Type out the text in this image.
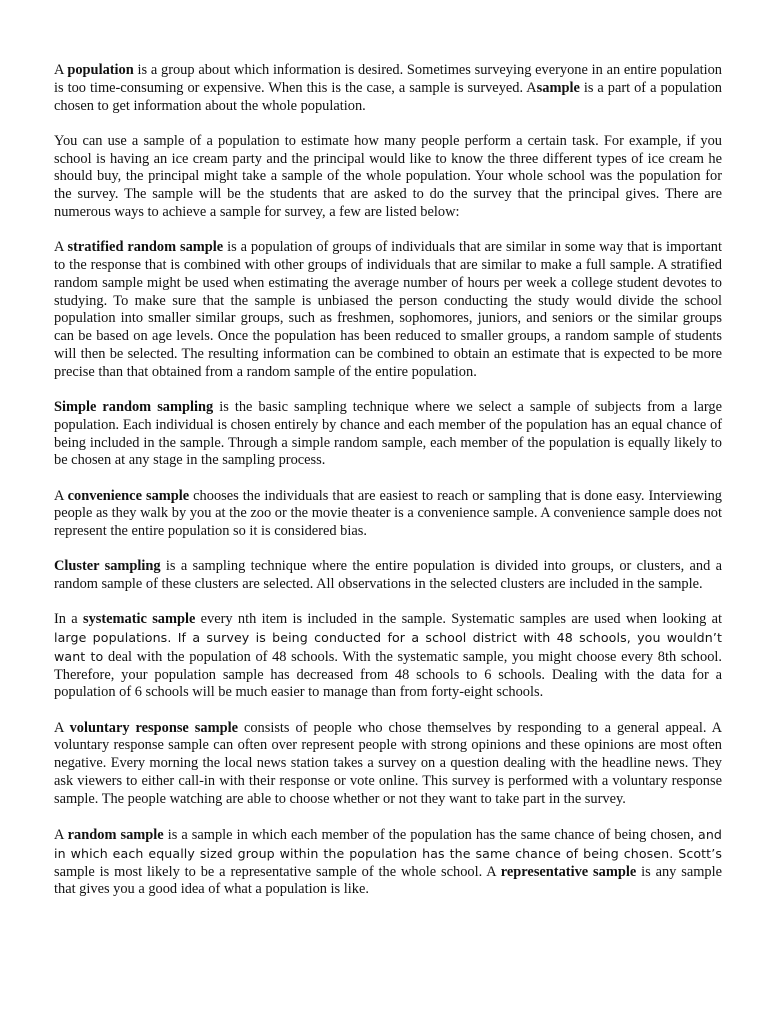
A population is a group about which information is desired. Sometimes surveying everyone in an entire population is too time-consuming or expensive. When this is the case, a sample is surveyed. Asample is a part of a population chosen to get information about the whole population.

You can use a sample of a population to estimate how many people perform a certain task. For example, if you school is having an ice cream party and the principal would like to know the three different types of ice cream he should buy, the principal might take a sample of the whole population. Your whole school was the population for the survey. The sample will be the students that are asked to do the survey that the principal gives. There are numerous ways to achieve a sample for survey, a few are listed below:

A stratified random sample is a population of groups of individuals that are similar in some way that is important to the response that is combined with other groups of individuals that are similar to make a full sample. A stratified random sample might be used when estimating the average number of hours per week a college student devotes to studying. To make sure that the sample is unbiased the person conducting the study would divide the school population into smaller similar groups, such as freshmen, sophomores, juniors, and seniors or the similar groups can be based on age levels. Once the population has been reduced to smaller groups, a random sample of students will then be selected. The resulting information can be combined to obtain an estimate that is expected to be more precise than that obtained from a random sample of the entire population.

Simple random sampling is the basic sampling technique where we select a sample of subjects from a large population. Each individual is chosen entirely by chance and each member of the population has an equal chance of being included in the sample. Through a simple random sample, each member of the population is equally likely to be chosen at any stage in the sampling process.

A convenience sample chooses the individuals that are easiest to reach or sampling that is done easy. Interviewing people as they walk by you at the zoo or the movie theater is a convenience sample. A convenience sample does not represent the entire population so it is considered bias.

Cluster sampling is a sampling technique where the entire population is divided into groups, or clusters, and a random sample of these clusters are selected. All observations in the selected clusters are included in the sample.

In a systematic sample every nth item is included in the sample. Systematic samples are used when looking at large populations. If a survey is being conducted for a school district with 48 schools, you wouldn’t want to deal with the population of 48 schools. With the systematic sample, you might choose every 8th school. Therefore, your population sample has decreased from 48 schools to 6 schools. Dealing with the data for a population of 6 schools will be much easier to manage than from forty-eight schools.

A voluntary response sample consists of people who chose themselves by responding to a general appeal. A voluntary response sample can often over represent people with strong opinions and these opinions are most often negative. Every morning the local news station takes a survey on a question dealing with the headline news. They ask viewers to either call-in with their response or vote online. This survey is performed with a voluntary response sample. The people watching are able to choose whether or not they want to take part in the survey.

A random sample is a sample in which each member of the population has the same chance of being chosen, and in which each equally sized group within the population has the same chance of being chosen. Scott’s sample is most likely to be a representative sample of the whole school. A representative sample is any sample that gives you a good idea of what a population is like.
